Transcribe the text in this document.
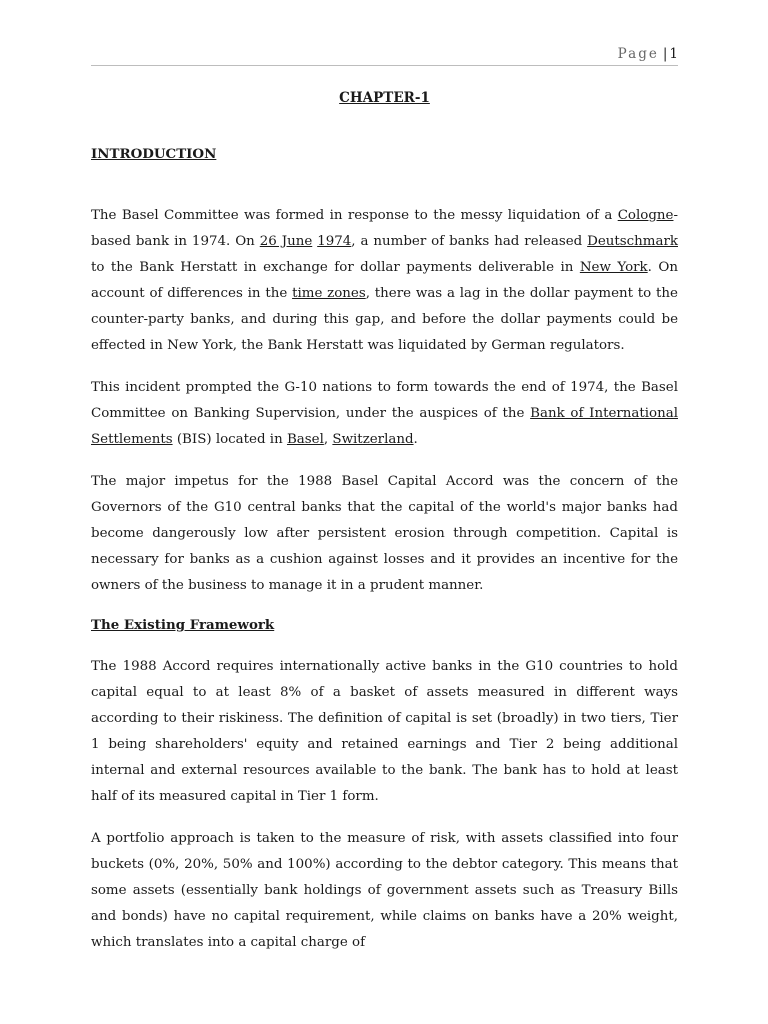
Page | 1
CHAPTER-1
INTRODUCTION

The Basel Committee was formed in response to the messy liquidation of a Cologne-based bank in 1974. On 26 June 1974, a number of banks had released Deutschmark to the Bank Herstatt in exchange for dollar payments deliverable in New York. On account of differences in the time zones, there was a lag in the dollar payment to the counter-party banks, and during this gap, and before the dollar payments could be effected in New York, the Bank Herstatt was liquidated by German regulators.

This incident prompted the G-10 nations to form towards the end of 1974, the Basel Committee on Banking Supervision, under the auspices of the Bank of International Settlements (BIS) located in Basel, Switzerland.

The major impetus for the 1988 Basel Capital Accord was the concern of the Governors of the G10 central banks that the capital of the world's major banks had become dangerously low after persistent erosion through competition. Capital is necessary for banks as a cushion against losses and it provides an incentive for the owners of the business to manage it in a prudent manner.

The Existing Framework

The 1988 Accord requires internationally active banks in the G10 countries to hold capital equal to at least 8% of a basket of assets measured in different ways according to their riskiness. The definition of capital is set (broadly) in two tiers, Tier 1 being shareholders' equity and retained earnings and Tier 2 being additional internal and external resources available to the bank. The bank has to hold at least half of its measured capital in Tier 1 form.

A portfolio approach is taken to the measure of risk, with assets classified into four buckets (0%, 20%, 50% and 100%) according to the debtor category. This means that some assets (essentially bank holdings of government assets such as Treasury Bills and bonds) have no capital requirement, while claims on banks have a 20% weight, which translates into a capital charge of
